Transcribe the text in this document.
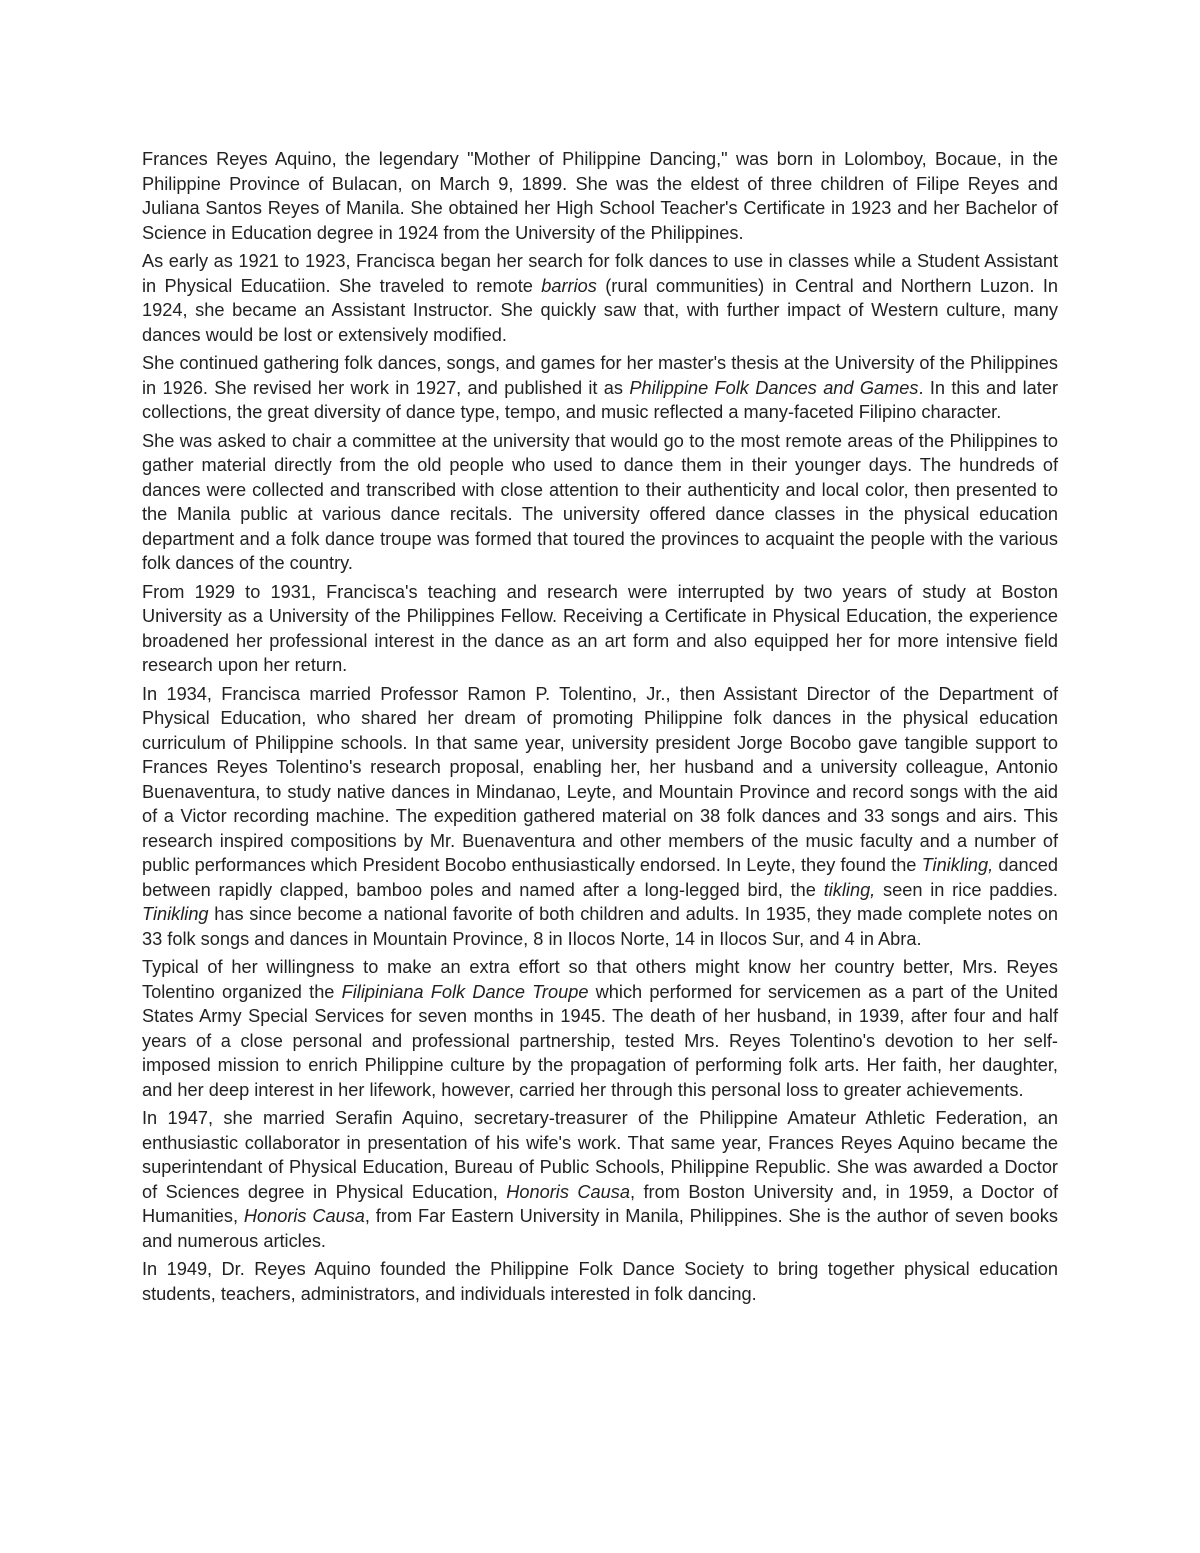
Frances Reyes Aquino, the legendary "Mother of Philippine Dancing," was born in Lolomboy, Bocaue, in the Philippine Province of Bulacan, on March 9, 1899. She was the eldest of three children of Filipe Reyes and Juliana Santos Reyes of Manila. She obtained her High School Teacher's Certificate in 1923 and her Bachelor of Science in Education degree in 1924 from the University of the Philippines.

As early as 1921 to 1923, Francisca began her search for folk dances to use in classes while a Student Assistant in Physical Educatiion. She traveled to remote barrios (rural communities) in Central and Northern Luzon. In 1924, she became an Assistant Instructor. She quickly saw that, with further impact of Western culture, many dances would be lost or extensively modified.

She continued gathering folk dances, songs, and games for her master's thesis at the University of the Philippines in 1926. She revised her work in 1927, and published it as Philippine Folk Dances and Games. In this and later collections, the great diversity of dance type, tempo, and music reflected a many-faceted Filipino character.

She was asked to chair a committee at the university that would go to the most remote areas of the Philippines to gather material directly from the old people who used to dance them in their younger days. The hundreds of dances were collected and transcribed with close attention to their authenticity and local color, then presented to the Manila public at various dance recitals. The university offered dance classes in the physical education department and a folk dance troupe was formed that toured the provinces to acquaint the people with the various folk dances of the country.

From 1929 to 1931, Francisca's teaching and research were interrupted by two years of study at Boston University as a University of the Philippines Fellow. Receiving a Certificate in Physical Education, the experience broadened her professional interest in the dance as an art form and also equipped her for more intensive field research upon her return.

In 1934, Francisca married Professor Ramon P. Tolentino, Jr., then Assistant Director of the Department of Physical Education, who shared her dream of promoting Philippine folk dances in the physical education curriculum of Philippine schools. In that same year, university president Jorge Bocobo gave tangible support to Frances Reyes Tolentino's research proposal, enabling her, her husband and a university colleague, Antonio Buenaventura, to study native dances in Mindanao, Leyte, and Mountain Province and record songs with the aid of a Victor recording machine. The expedition gathered material on 38 folk dances and 33 songs and airs. This research inspired compositions by Mr. Buenaventura and other members of the music faculty and a number of public performances which President Bocobo enthusiastically endorsed. In Leyte, they found the Tinikling, danced between rapidly clapped, bamboo poles and named after a long-legged bird, the tikling, seen in rice paddies. Tinikling has since become a national favorite of both children and adults. In 1935, they made complete notes on 33 folk songs and dances in Mountain Province, 8 in Ilocos Norte, 14 in Ilocos Sur, and 4 in Abra.

Typical of her willingness to make an extra effort so that others might know her country better, Mrs. Reyes Tolentino organized the Filipiniana Folk Dance Troupe which performed for servicemen as a part of the United States Army Special Services for seven months in 1945. The death of her husband, in 1939, after four and half years of a close personal and professional partnership, tested Mrs. Reyes Tolentino's devotion to her self-imposed mission to enrich Philippine culture by the propagation of performing folk arts. Her faith, her daughter, and her deep interest in her lifework, however, carried her through this personal loss to greater achievements.

In 1947, she married Serafin Aquino, secretary-treasurer of the Philippine Amateur Athletic Federation, an enthusiastic collaborator in presentation of his wife's work. That same year, Frances Reyes Aquino became the superintendant of Physical Education, Bureau of Public Schools, Philippine Republic. She was awarded a Doctor of Sciences degree in Physical Education, Honoris Causa, from Boston University and, in 1959, a Doctor of Humanities, Honoris Causa, from Far Eastern University in Manila, Philippines. She is the author of seven books and numerous articles.

In 1949, Dr. Reyes Aquino founded the Philippine Folk Dance Society to bring together physical education students, teachers, administrators, and individuals interested in folk dancing.
